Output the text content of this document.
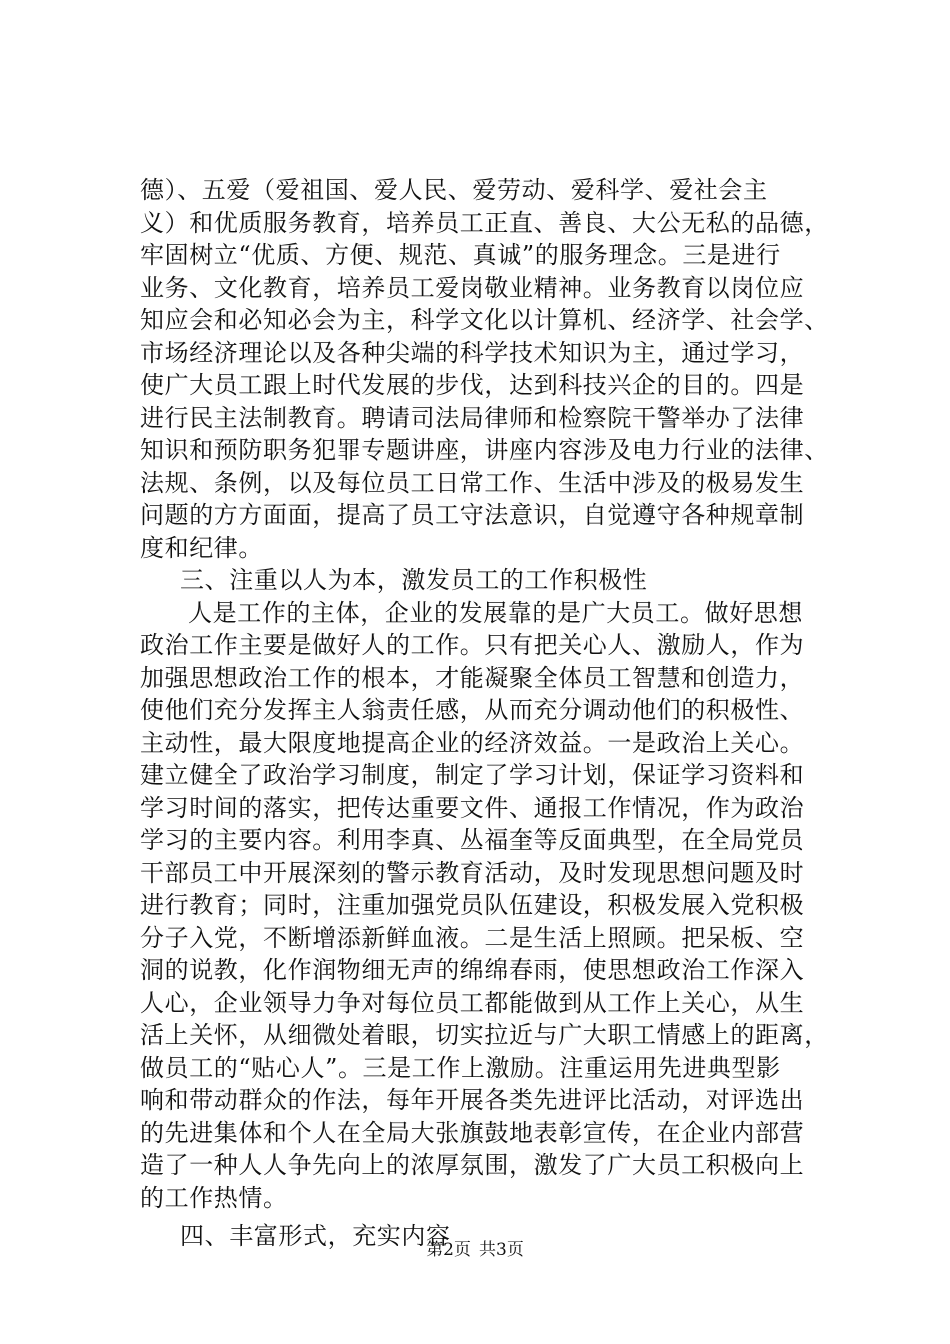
德）、五爱（爱祖国、爱人民、爱劳动、爱科学、爱社会主
义）和优质服务教育，培养员工正直、善良、大公无私的品德，
牢固树立“优质、方便、规范、真诚”的服务理念。三是进行
业务、文化教育，培养员工爱岗敬业精神。业务教育以岗位应
知应会和必知必会为主，科学文化以计算机、经济学、社会学、
市场经济理论以及各种尖端的科学技术知识为主，通过学习，
使广大员工跟上时代发展的步伐，达到科技兴企的目的。四是
进行民主法制教育。聘请司法局律师和检察院干警举办了法律
知识和预防职务犯罪专题讲座，讲座内容涉及电力行业的法律、
法规、条例，以及每位员工日常工作、生活中涉及的极易发生
问题的方方面面，提高了员工守法意识，自觉遵守各种规章制
度和纪律。
三、注重以人为本，激发员工的工作积极性
人是工作的主体，企业的发展靠的是广大员工。做好思想
政治工作主要是做好人的工作。只有把关心人、激励人，作为
加强思想政治工作的根本，才能凝聚全体员工智慧和创造力，
使他们充分发挥主人翁责任感，从而充分调动他们的积极性、
主动性，最大限度地提高企业的经济效益。一是政治上关心。
建立健全了政治学习制度，制定了学习计划，保证学习资料和
学习时间的落实，把传达重要文件、通报工作情况，作为政治
学习的主要内容。利用李真、丛福奎等反面典型，在全局党员
干部员工中开展深刻的警示教育活动，及时发现思想问题及时
进行教育；同时，注重加强党员队伍建设，积极发展入党积极
分子入党，不断增添新鲜血液。二是生活上照顾。把呆板、空
洞的说教，化作润物细无声的绵绵春雨，使思想政治工作深入
人心，企业领导力争对每位员工都能做到从工作上关心，从生
活上关怀，从细微处着眼，切实拉近与广大职工情感上的距离，
做员工的“贴心人”。三是工作上激励。注重运用先进典型影
响和带动群众的作法，每年开展各类先进评比活动，对评选出
的先进集体和个人在全局大张旗鼓地表彰宣传，在企业内部营
造了一种人人争先向上的浓厚氛围，激发了广大员工积极向上
的工作热情。
四、丰富形式，充实内容
第2页 共3页
